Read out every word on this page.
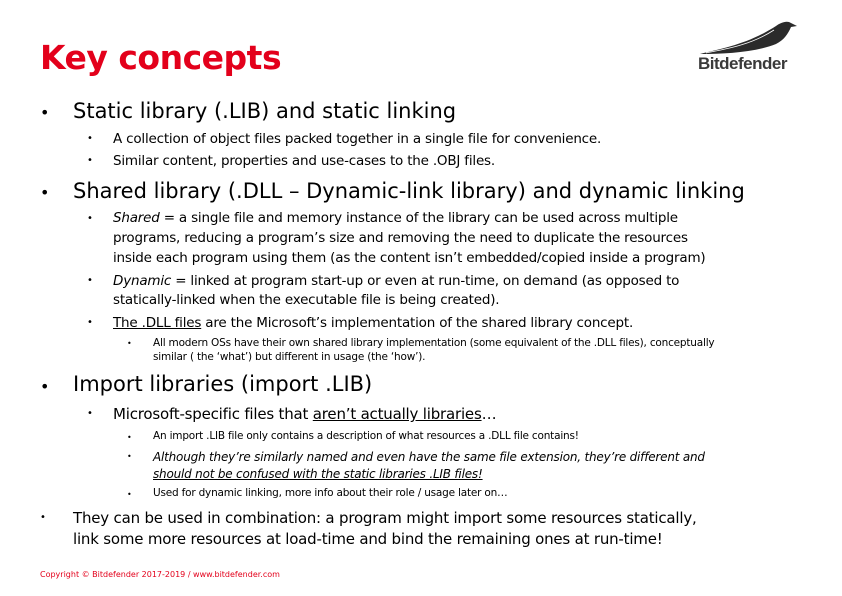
Key concepts	Bitdefender
• Static library (.LIB) and static linking
• A collection of object files packed together in a single file for convenience.
• Similar content, properties and use-cases to the .OBJ files.
• Shared library (.DLL – Dynamic-link library) and dynamic linking
• Shared = a single file and memory instance of the library can be used across multiple
programs, reducing a program’s size and removing the need to duplicate the resources
inside each program using them (as the content isn’t embedded/copied inside a program)
• Dynamic = linked at program start-up or even at run-time, on demand (as opposed to
statically-linked when the executable file is being created).
• The .DLL files are the Microsoft’s implementation of the shared library concept.
• All modern OSs have their own shared library implementation (some equivalent of the .DLL files), conceptually
similar ( the ‘what’) but different in usage (the ‘how’).
• Import libraries (import .LIB)
• Microsoft-specific files that aren’t actually libraries…
• An import .LIB file only contains a description of what resources a .DLL file contains!
• Although they’re similarly named and even have the same file extension, they’re different and
should not be confused with the static libraries .LIB files!
• Used for dynamic linking, more info about their role / usage later on…
• They can be used in combination: a program might import some resources statically,
link some more resources at load-time and bind the remaining ones at run-time!
Copyright © Bitdefender 2017-2019 / www.bitdefender.com
